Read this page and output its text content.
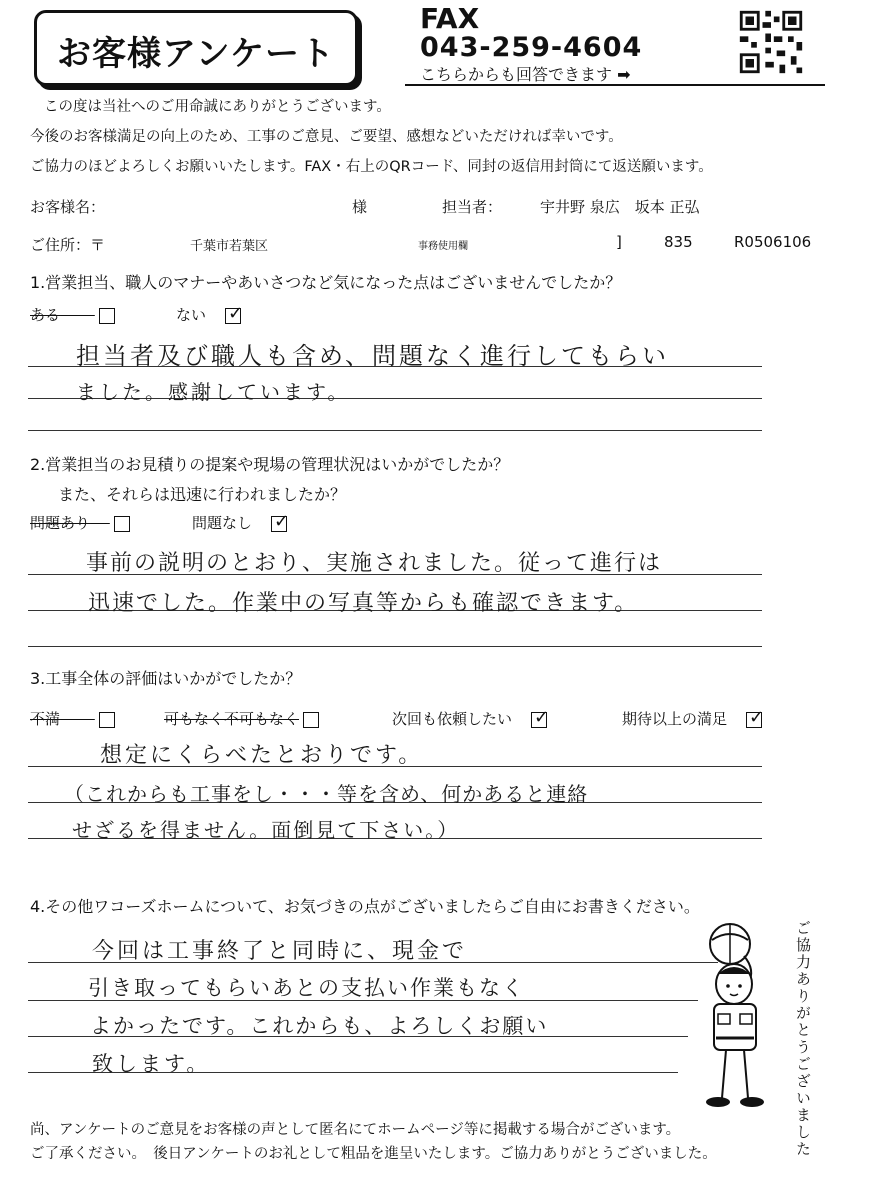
お客様アンケート
FAX
043-259-4604
こちらからも回答できます ➡
この度は当社へのご用命誠にありがとうございます。
今後のお客様満足の向上のため、工事のご意見、ご要望、感想などいただければ幸いです。
ご協力のほどよろしくお願いいたします。FAX・右上のQRコード、同封の返信用封筒にて返送願います。
お客様名：	様	担当者：	宇井野 泉広　坂本 正弘
ご住所：〒	千葉市若葉区	事務使用欄	]	835	R0506106
1.営業担当、職人のマナーやあいさつなど気になった点はございませんでしたか？
ある　　	ない　 ✓
担当者及び職人も含め、問題なく進行してもらい
ました。感謝しています。
2.営業担当のお見積りの提案や現場の管理状況はいかがでしたか？
また、それらは迅速に行われましたか？
問題あり　	問題なし　 ✓
事前の説明のとおり、実施されました。従って進行は
迅速でした。作業中の写真等からも確認できます。
3.工事全体の評価はいかがでしたか？
不満　　	可もなく不可もなく	次回も依頼したい　 ✓	期待以上の満足　 ✓
想定にくらべたとおりです。
（これからも工事をし・・・等を含め、何かあると連絡
せざるを得ません。面倒見て下さい。）
4.その他ワコーズホームについて、お気づきの点がございましたらご自由にお書きください。
今回は工事終了と同時に、現金で
引き取ってもらいあとの支払い作業もなく
よかったです。これからも、よろしくお願い
致します。	ご協力ありがとうございました
尚、アンケートのご意見をお客様の声として匿名にてホームページ等に掲載する場合がございます。
ご了承ください。　後日アンケートのお礼として粗品を進呈いたします。ご協力ありがとうございました。
